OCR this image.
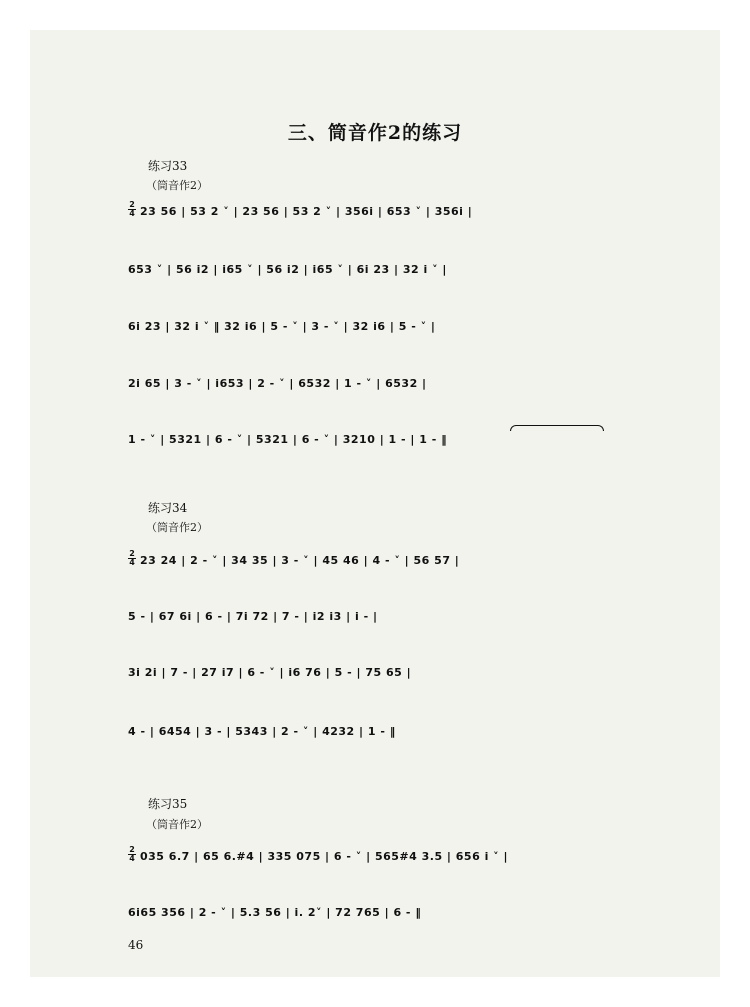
三、筒音作2的练习
练习33
（筒音作2）
2
4 23 56 | 53 2 ˅ | 23 56 | 53 2 ˅ | 356i | 653 ˅ | 356i |
653 ˅ | 56 i2 | i65 ˅ | 56 i2 | i65 ˅ | 6i 23 | 32 i ˅ |
6i 23 | 32 i ˅ ‖ 32 i6 | 5 - ˅ | 3 - ˅ | 32 i6 | 5 - ˅ |
2i 65 | 3 - ˅ | i653 | 2 - ˅ | 6532 | 1 - ˅ | 6532 |
1 - ˅ | 5321 | 6 - ˅ | 5321 | 6 - ˅ | 3210 | 1 - | 1 - ‖
练习34
（筒音作2）
2
4 23 24 | 2 - ˅ | 34 35 | 3 - ˅ | 45 46 | 4 - ˅ | 56 57 |
5 - | 67 6i | 6 - | 7i 72 | 7 - | i2 i3 | i - |
3i 2i | 7 - | 27 i7 | 6 - ˅ | i6 76 | 5 - | 75 65 |
4 - | 6454 | 3 - | 5343 | 2 - ˅ | 4232 | 1 - ‖
练习35
（筒音作2）
2
4 035 6.7 | 65 6.#4 | 335 075 | 6 - ˅ | 565#4 3.5 | 656 i ˅ |
6i65 356 | 2 - ˅ | 5.3 56 | i. 2˅ | 72 765 | 6 - ‖
46
